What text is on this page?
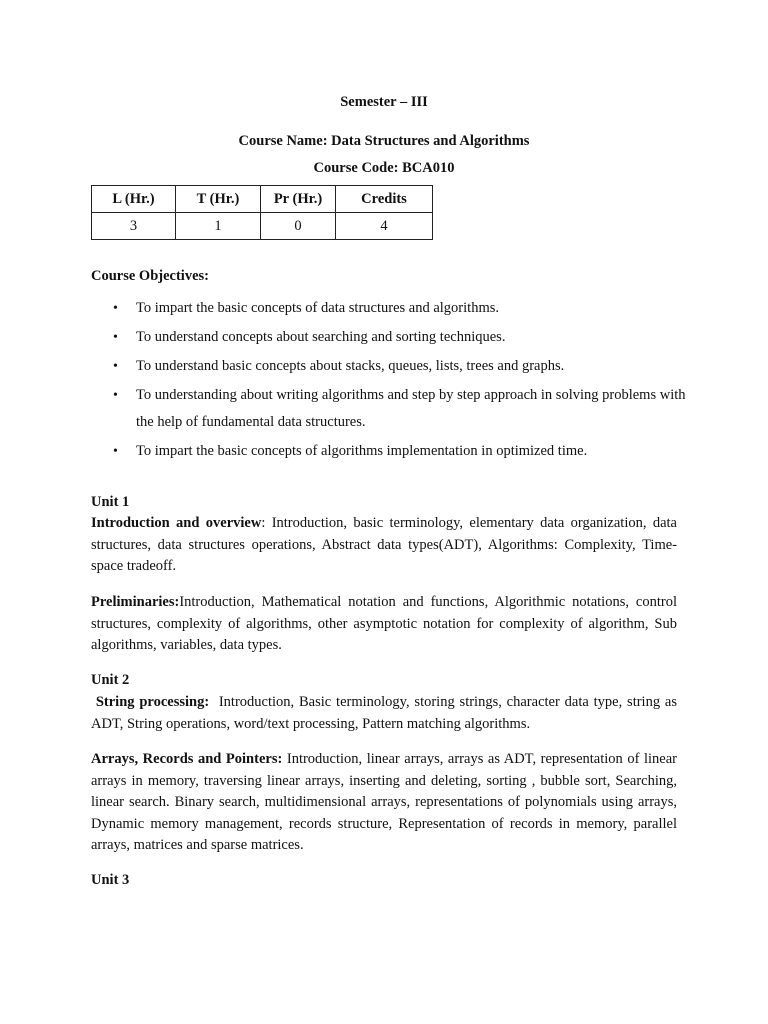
Semester – III
Course Name: Data Structures and Algorithms
Course Code: BCA010
L (Hr.)	T (Hr.)	Pr (Hr.)	Credits
3	1	0	4
Course Objectives:
• To impart the basic concepts of data structures and algorithms.
• To understand concepts about searching and sorting techniques.
• To understand basic concepts about stacks, queues, lists, trees and graphs.
• To understanding about writing algorithms and step by step approach in solving problems with the help of fundamental data structures.
• To impart the basic concepts of algorithms implementation in optimized time.
Unit 1

Introduction and overview: Introduction, basic terminology, elementary data organization, data structures, data structures operations, Abstract data types(ADT), Algorithms: Complexity, Time-space tradeoff.

Preliminaries:Introduction, Mathematical notation and functions, Algorithmic notations, control structures, complexity of algorithms, other asymptotic notation for complexity of algorithm, Sub algorithms, variables, data types.

Unit 2

String processing:  Introduction, Basic terminology, storing strings, character data type, string as ADT, String operations, word/text processing, Pattern matching algorithms.

Arrays, Records and Pointers: Introduction, linear arrays, arrays as ADT, representation of linear arrays in memory, traversing linear arrays, inserting and deleting, sorting , bubble sort, Searching, linear search. Binary search, multidimensional arrays, representations of polynomials using arrays, Dynamic memory management, records structure, Representation of records in memory, parallel arrays, matrices and sparse matrices.

Unit 3
